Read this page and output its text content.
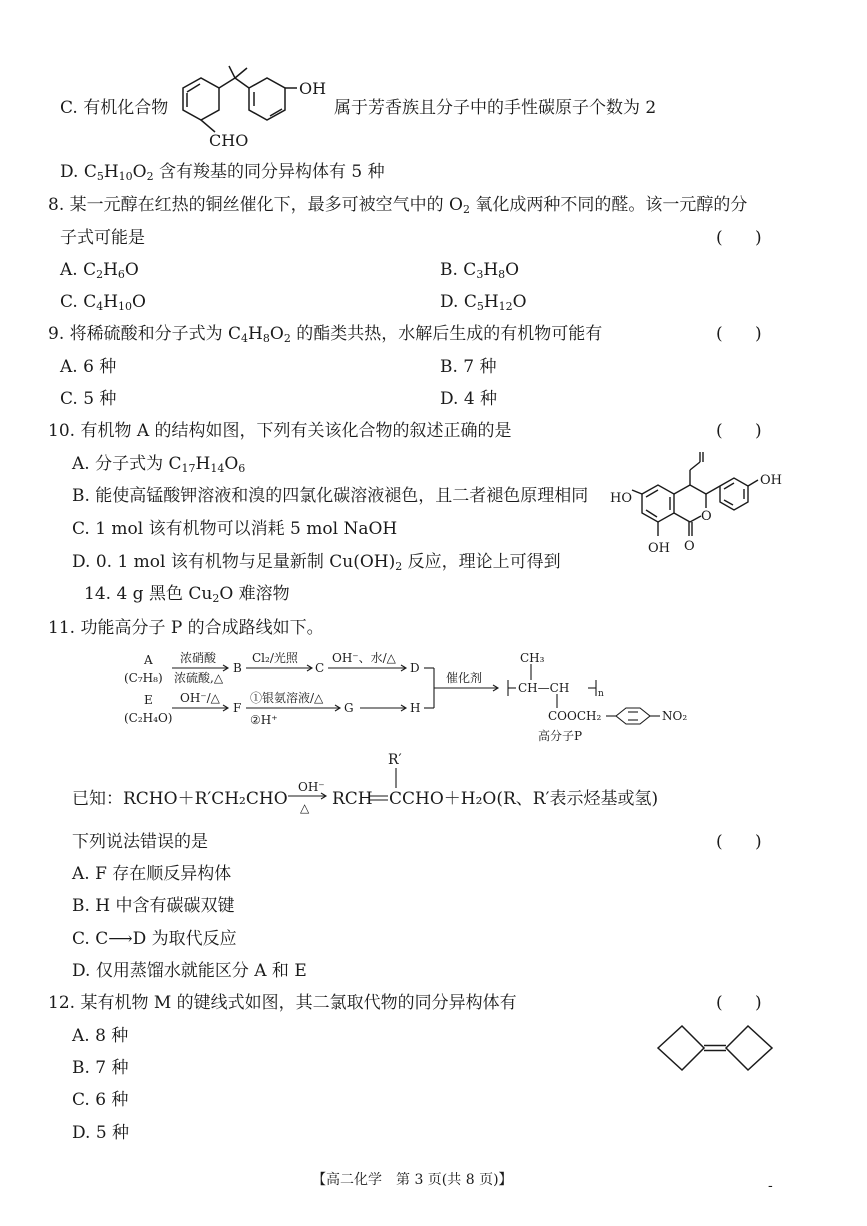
C. 有机化合物
OH
CHO
属于芳香族且分子中的手性碳原子个数为 2
D. $C_5H_{10}O_2$ 含有羧基的同分异构体有 5 种
8. 某一元醇在红热的铜丝催化下，最多可被空气中的 $O_2$ 氧化成两种不同的醛。该一元醇的分
子式可能是	(      )
A. $C_2H_6O$	B. $C_3H_8O$
C. $C_4H_{10}O$	D. $C_5H_{12}O$
9. 将稀硫酸和分子式为 $C_4H_8O_2$ 的酯类共热，水解后生成的有机物可能有	(      )
A. 6 种	B. 7 种
C. 5 种	D. 4 种
10. 有机物 A 的结构如图，下列有关该化合物的叙述正确的是	(      )
A. 分子式为 $C_{17}H_{14}O_6$
B. 能使高锰酸钾溶液和溴的四氯化碳溶液褪色，且二者褪色原理相同
C. 1 mol 该有机物可以消耗 5 mol NaOH
D. 0. 1 mol 该有机物与足量新制 $Cu(OH)_2$ 反应，理论上可得到
14. 4 g 黑色 $Cu_2O$ 难溶物
OH
HO
OH
O
O
11. 功能高分子 P 的合成路线如下。
A
(C₇H₈)
浓硝酸
浓硫酸,△
B
Cl₂/光照
C
OH⁻、水/△
D
E
(C₂H₄O)
OH⁻/△
F
①银氨溶液/△
②H⁺
G	H
催化剂
CH₃
CH—CH	n
COOCH₂	NO₂
高分子P
已知：RCHO＋R′CH₂CHO
OH⁻
△ RCH
R′
CCHO＋H₂O(R、R′表示烃基或氢)
下列说法错误的是	(      )
A. F 存在顺反异构体
B. H 中含有碳碳双键
C. C⟶D 为取代反应
D. 仅用蒸馏水就能区分 A 和 E
12. 某有机物 M 的键线式如图，其二氯取代物的同分异构体有	(      )
A. 8 种
B. 7 种
C. 6 种
D. 5 种
【高二化学　第 3 页(共 8 页)】	-
